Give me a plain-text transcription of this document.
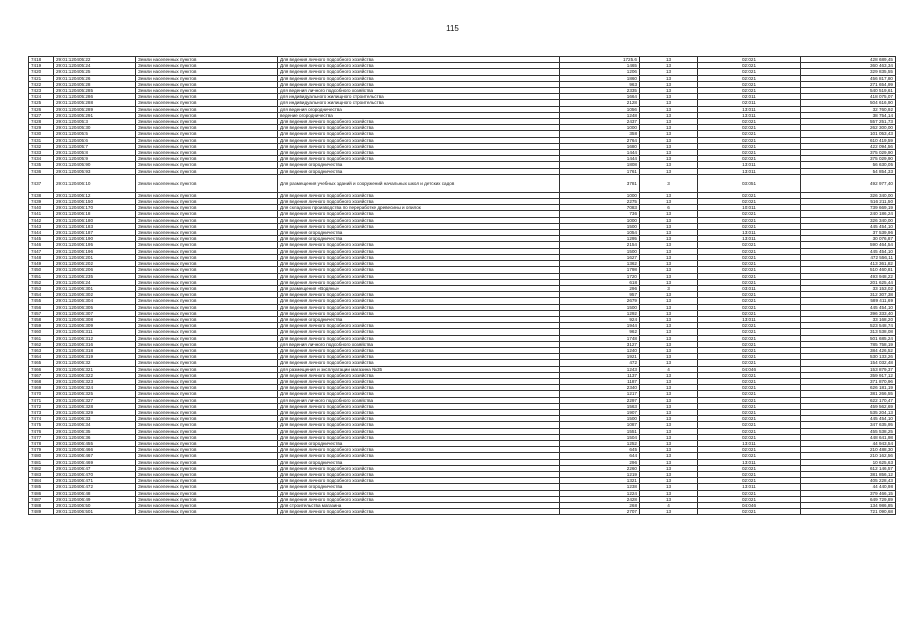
115
7418	29:01:120405:22	Земли населенных пунктов	Для ведения личного подсобного хозяйства	1725.6	13	02:021	428 689,45
7419	29:01:120405:24	Земли населенных пунктов	Для ведения личного подсобного хозяйства	1465	13	02:021	360 463,34
7420	29:01:120405:25	Земли населенных пунктов	Для ведения личного подсобного хозяйства	1206	13	02:021	329 835,55
7421	29:01:120405:26	Земли населенных пунктов	Для ведения личного подсобного хозяйства	1860	13	02:021	456 817,80
7422	29:01:120405:28	Земли населенных пунктов	Для ведения личного подсобного хозяйства	963	13	02:021	271 654,99
7423	29:01:120405:285	Земли населенных пунктов	для ведения личного подсобного хозяйства	2335	13	02:021	540 519,61
7424	29:01:120405:286	Земли населенных пунктов	для индивидуального жилищного строительства	1664	13	02:011	418 075,07
7425	29:01:120405:288	Земли населенных пунктов	для индивидуального жилищного строительства	2128	13	02:011	504 616,90
7426	29:01:120405:289	Земли населенных пунктов	для ведения огородничества	1056	13	13:011	32 760,92
7427	29:01:120405:291	Земли населенных пунктов	ведение огородничества	1248	13	13:011	38 754,14
7428	29:01:120405:3	Земли населенных пунктов	Для ведения личного подсобного хозяйства	2437	13	02:021	557 251,73
7429	29:01:120405:30	Земли населенных пунктов	Для ведения личного подсобного хозяйства	1000	13	02:021	262 300,00
7430	29:01:120405:5	Земли населенных пунктов	Для ведения личного подсобного хозяйства	358	13	02:021	101 053,43
7431	29:01:120405:6	Земли населенных пунктов	Для ведения личного подсобного хозяйства	2764	13	02:021	610 419,59
7432	29:01:120405:7	Земли населенных пунктов	Для ведения личного подсобного хозяйства	1680	13	02:021	422 094,56
7433	29:01:120405:8	Земли населенных пунктов	Для ведения личного подсобного хозяйства	1444	13	02:021	375 029,90
7434	29:01:120405:9	Земли населенных пунктов	Для ведения личного подсобного хозяйства	1444	13	02:021	375 029,90
7435	29:01:120405:90	Земли населенных пунктов	Для ведения огородничества	1808	13	13:011	56 630,05
7436	29:01:120405:93	Земли населенных пунктов	Для ведения огородничества	1761	13	13:011	54 854,33
7437	29:01:120406:10	Земли населенных пунктов	Для размещения учебных зданий и сооружений начальных школ и детских садов	3781	3	03:051	492 977,40
7438	29:01:120406:12	Земли населенных пунктов	Для ведения личного подсобного хозяйства	1000	13	02:021	326 340,00
7439	29:01:120406:150	Земли населенных пунктов	Для ведения личного подсобного хозяйства	2275	13	02:021	516 211,50
7440	29:01:120406:170	Земли населенных пунктов	Для складских производства по переработке древесины и опилок	7083	6	10:011	739 669,19
7441	29:01:120406:18	Земли населенных пунктов	Для ведения личного подсобного хозяйства	736	13	02:021	240 186,24
7442	29:01:120406:180	Земли населенных пунктов	Для ведения личного подсобного хозяйства	1000	13	02:021	326 340,00
7443	29:01:120406:183	Земли населенных пунктов	Для ведения личного подсобного хозяйства	1500	13	02:021	445 454,10
7444	29:01:120406:187	Земли населенных пунктов	Для ведения огородничества	1054	13	13:011	37 539,96
7445	29:01:120406:190	Земли населенных пунктов	Для ведения огородничества	1295	13	13:011	30 076,87
7446	29:01:120406:195	Земли населенных пунктов	Для ведения личного подсобного хозяйства	2154	13	02:021	590 464,54
7447	29:01:120406:196	Земли населенных пунктов	Для ведения личного подсобного хозяйства	1500	13	02:021	445 454,10
7448	29:01:120406:201	Земли населенных пунктов	Для ведения личного подсобного хозяйства	1627	13	02:021	472 556,11
7449	29:01:120406:202	Земли населенных пунктов	Для ведения личного подсобного хозяйства	1362	13	02:021	413 361,82
7450	29:01:120406:206	Земли населенных пунктов	Для ведения личного подсобного хозяйства	1798	13	02:021	510 460,81
7451	29:01:120406:235	Земли населенных пунктов	Для ведения личного подсобного хозяйства	1720	13	02:021	493 948,22
7452	29:01:120406:24	Земли населенных пунктов	Для ведения личного подсобного хозяйства	618	13	02:021	201 625,44
7453	29:01:120406:301	Земли населенных пунктов	Для размещения «Водяны»	296	3	03:011	33 153,02
7454	29:01:120406:302	Земли населенных пунктов	Для ведения личного подсобного хозяйства	957	13	02:021	312 307,38
7455	29:01:120406:304	Земли населенных пунктов	Для ведения личного подсобного хозяйства	2679	13	02:021	589 411,69
7456	29:01:120406:305	Земли населенных пунктов	Для ведения личного подсобного хозяйства	1500	13	02:021	445 454,10
7457	29:01:120406:307	Земли населенных пунктов	Для ведения личного подсобного хозяйства	1292	13	02:021	396 333,40
7458	29:01:120406:308	Земли населенных пунктов	Для ведения огородничества	924	13	13:011	33 168,20
7459	29:01:120406:309	Земли населенных пунктов	Для ведения личного подсобного хозяйства	1944	13	02:021	523 548,74
7460	29:01:120406:311	Земли населенных пунктов	Для ведения личного подсобного хозяйства	962	13	02:021	313 538,08
7461	29:01:120406:312	Земли населенных пунктов	Для ведения личного подсобного хозяйства	1748	13	02:021	501 685,24
7462	29:01:120406:316	Земли населенных пунктов	для ведения личного подсобного хозяйства	3127	13	02:021	785 758,19
7463	29:01:120406:318	Земли населенных пунктов	Для ведения личного подсобного хозяйства	1240	13	02:021	384 426,52
7464	29:01:120406:319	Земли населенных пунктов	Для ведения личного подсобного хозяйства	1921	13	02:021	530 133,26
7465	29:01:120406:32	Земли населенных пунктов	Для ведения личного подсобного хозяйства	472	13	02:021	154 032,48
7466	29:01:120406:321	Земли населенных пунктов	для размещения и эксплуатации магазина №35	1243	4	04:046	153 879,37
7467	29:01:120406:322	Земли населенных пунктов	Для ведения личного подсобного хозяйства	1137	13	02:021	359 917,12
7468	29:01:120406:323	Земли населенных пунктов	Для ведения личного подсобного хозяйства	1187	13	02:021	371 870,96
7469	29:01:120406:324	Земли населенных пунктов	Для ведения личного подсобного хозяйства	2340	13	02:021	626 181,19
7470	29:01:120406:325	Земли населенных пунктов	Для ведения личного подсобного хозяйства	1217	13	02:021	381 266,55
7471	29:01:120406:327	Земли населенных пунктов	для ведения личного подсобного хозяйства	2297	13	02:021	622 170,47
7472	29:01:120406:328	Земли населенных пунктов	Для ведения личного подсобного хозяйства	1563	13	02:021	459 562,69
7473	29:01:120406:329	Земли населенных пунктов	Для ведения личного подсобного хозяйства	1907	13	02:021	535 204,13
7474	29:01:120406:33	Земли населенных пунктов	Для ведения личного подсобного хозяйства	1500	13	02:021	445 454,10
7475	29:01:120406:34	Земли населенных пунктов	Для ведения личного подсобного хозяйства	1087	13	02:021	347 635,95
7476	29:01:120406:35	Земли населенных пунктов	Для ведения личного подсобного хозяйства	1551	13	02:021	455 538,25
7477	29:01:120406:36	Земли населенных пунктов	Для ведения личного подсобного хозяйства	1504	13	02:021	448 641,98
7478	29:01:120406:455	Земли населенных пунктов	Для ведения огородничества	1252	13	13:011	44 943,54
7479	29:01:120406:466	Земли населенных пунктов	Для ведения личного подсобного хозяйства	645	13	02:021	210 488,30
7480	29:01:120406:467	Земли населенных пунктов	Для ведения личного подсобного хозяйства	644	13	02:021	210 162,56
7481	29:01:120406:469	Земли населенных пунктов	Для ведения огородничества	296	13	13:011	10 625,63
7482	29:01:120406:47	Земли населенных пунктов	Для ведения личного подсобного хозяйства	2260	13	02:021	612 146,57
7483	29:01:120406:470	Земли населенных пунктов	Для ведения личного подсобного хозяйства	1219	13	02:021	381 856,12
7484	29:01:120406:471	Земли населенных пунктов	Для ведения личного подсобного хозяйства	1321	13	02:021	405 228,43
7485	29:01:120406:472	Земли населенных пунктов	Для ведения огородничества	1238	13	13:011	44 440,98
7486	29:01:120406:48	Земли населенных пунктов	Для ведения личного подсобного хозяйства	1224	13	02:021	379 466,15
7487	29:01:120406:49	Земли населенных пунктов	Для ведения личного подсобного хозяйства	2428	13	02:021	649 729,89
7488	29:01:120406:50	Земли населенных пунктов	Для строительства магазина	268	4	04:046	134 986,85
7489	29:01:120406:501	Земли населенных пунктов	Для ведения личного подсобного хозяйства	2707	13	02:021	721 090,68
